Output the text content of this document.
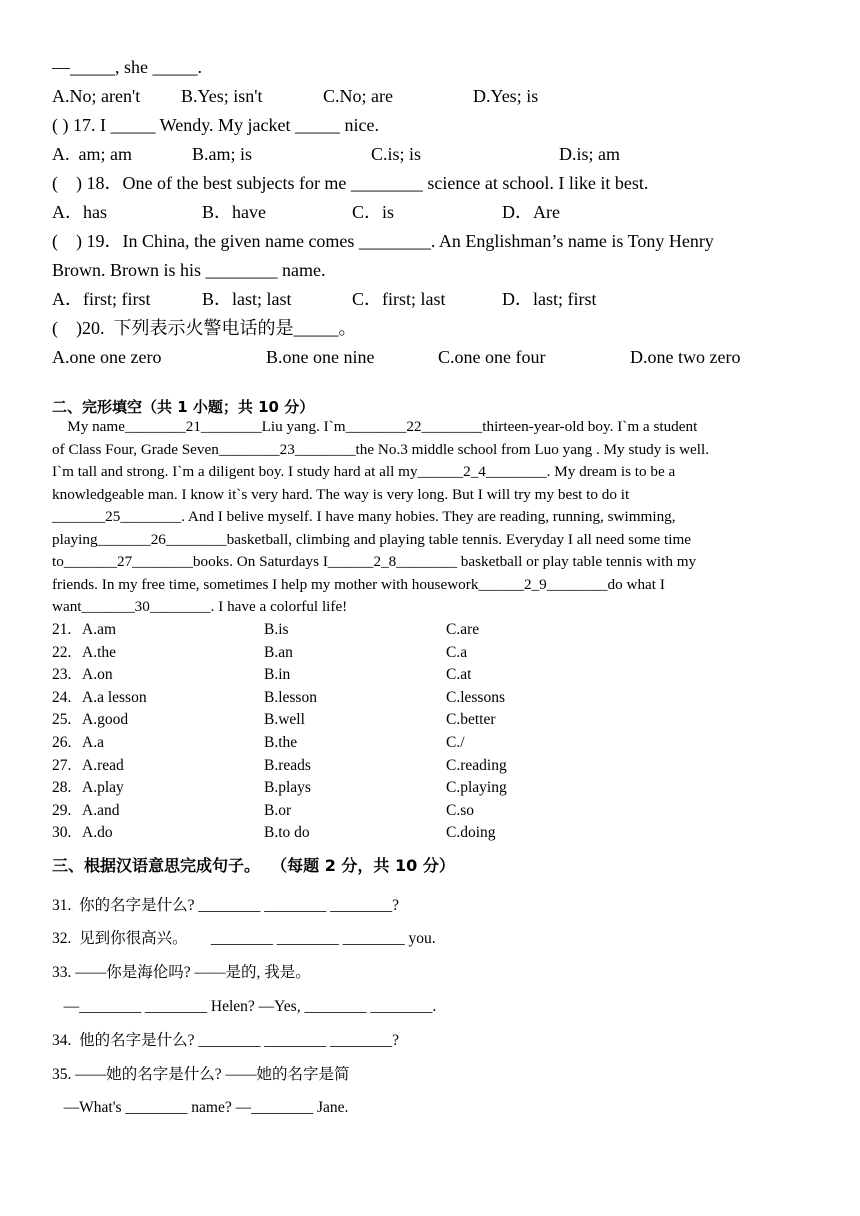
—_____, she _____.
A.No; aren't B.Yes; isn't	C.No; are	D.Yes; is
( ) 17. I _____ Wendy. My jacket _____ nice.
A.  am; am	B.am; is	C.is; is	D.is; am
(    ) 18．One of the best subjects for me ________ science at school. I like it best.
A．has	B．have	C．is	D．Are
(    ) 19．In China, the given name comes ________. An Englishman’s name is Tony Henry
Brown. Brown is his ________ name.
A．first; first	B．last; last	C．first; last	D．last; first
(    )20.  下列表示火警电话的是_____。
A.one one zero	B.one one nine	C.one one four	D.one two zero
二、完形填空（共 1 小题；共 10 分）
My name________21________Liu yang. I`m________22________thirteen-year-old boy. I`m a student
of Class Four, Grade Seven________23________the No.3 middle school from Luo yang . My study is well.
I`m tall and strong. I`m a diligent boy. I study hard at all my______2_4________. My dream is to be a
knowledgeable man. I know it`s very hard. The way is very long. But I will try my best to do it
_______25________. And I belive myself. I have many hobies. They are reading, running, swimming,
playing_______26________basketball, climbing and playing table tennis. Everyday I all need some time
to_______27________books. On Saturdays I______2_8________ basketball or play table tennis with my
friends. In my free time, sometimes I help my mother with housework______2_9________do what I
want_______30________. I have a colorful life!
21. A.am	B.is	C.are
22. A.the	B.an	C.a
23. A.on	B.in	C.at
24. A.a lesson	B.lesson	C.lessons
25. A.good	B.well	C.better
26. A.a	B.the	C./
27. A.read	B.reads	C.reading
28. A.play	B.plays	C.playing
29. A.and	B.or	C.so
30. A.do	B.to do	C.doing
三、根据汉语意思完成句子。  （每题 2 分，共 10 分）
31.  你的名字是什么? ________ ________ ________?
32.  见到你很高兴。      ________ ________ ________ you.
33. ——你是海伦吗? ——是的, 我是。
—________ ________ Helen? —Yes, ________ ________.
34.  他的名字是什么? ________ ________ ________?
35. ——她的名字是什么? ——她的名字是简
—What's ________ name? —________ Jane.
